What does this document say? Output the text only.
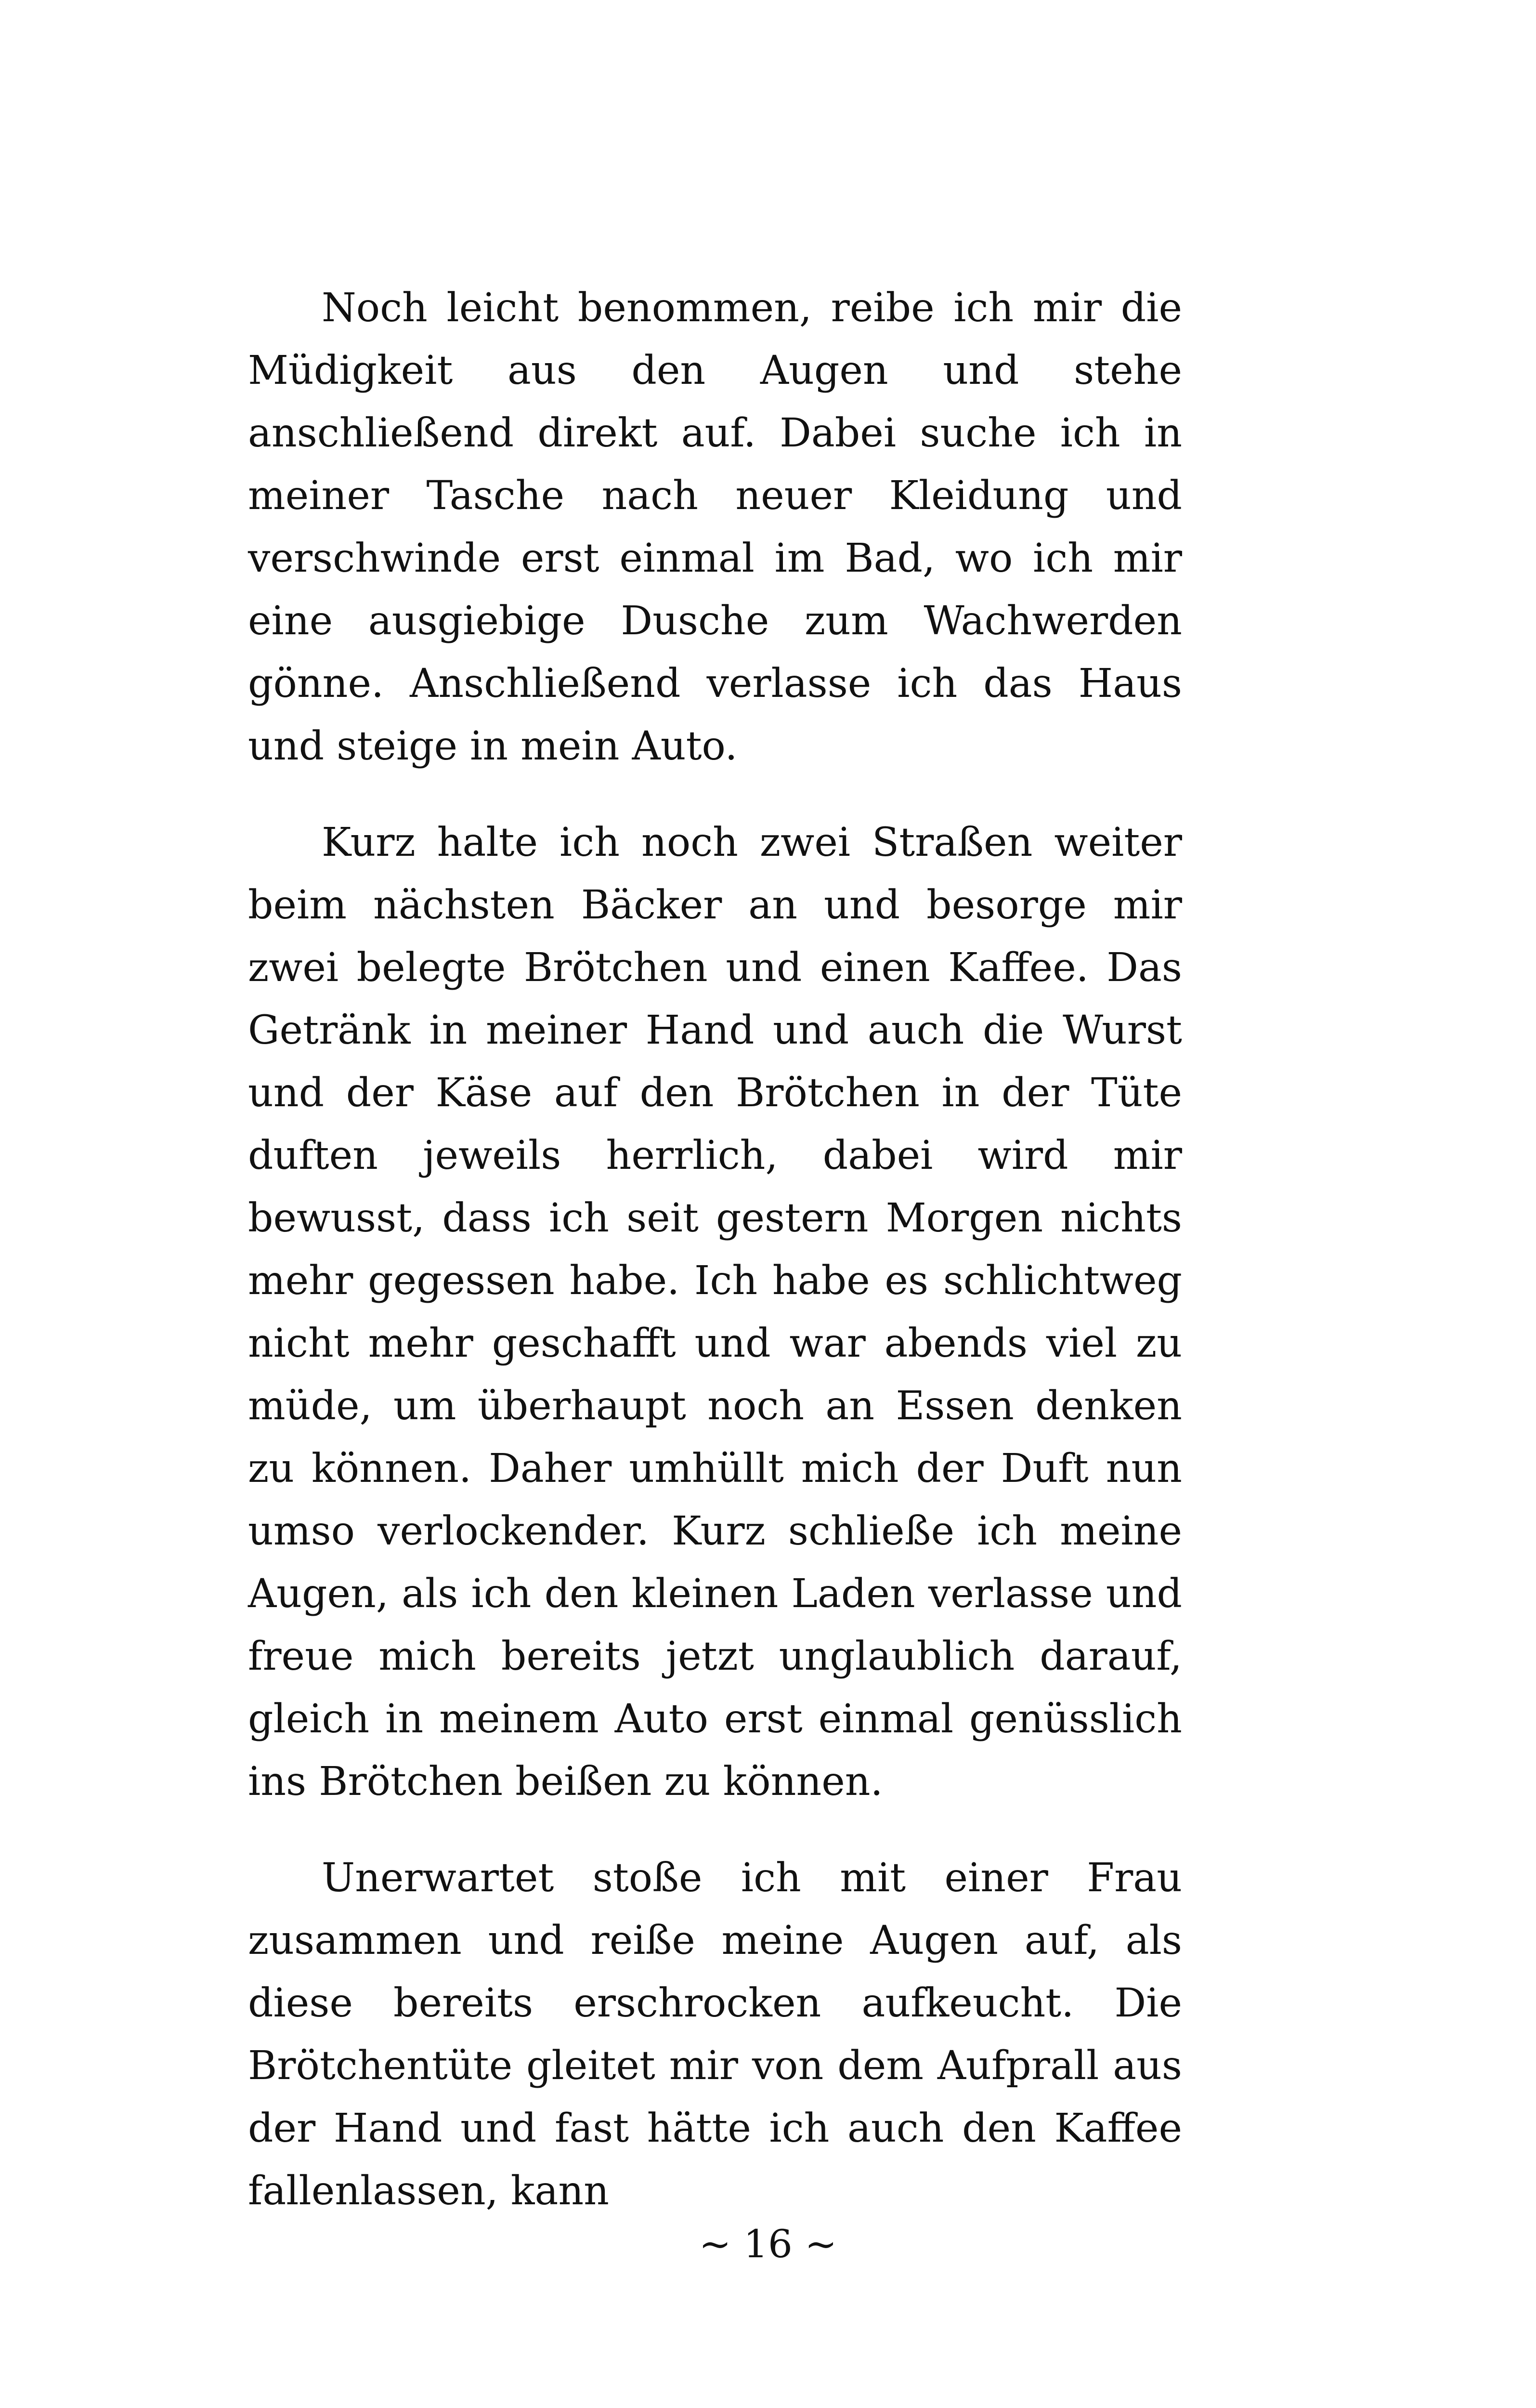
Noch leicht benommen, reibe ich mir die Müdigkeit aus den Augen und stehe anschließend direkt auf. Dabei suche ich in meiner Tasche nach neuer Kleidung und verschwinde erst einmal im Bad, wo ich mir eine ausgiebige Dusche zum Wachwerden gönne. Anschließend verlasse ich das Haus und steige in mein Auto.

Kurz halte ich noch zwei Straßen weiter beim nächsten Bäcker an und besorge mir zwei belegte Brötchen und einen Kaffee. Das Getränk in meiner Hand und auch die Wurst und der Käse auf den Brötchen in der Tüte duften jeweils herrlich, dabei wird mir bewusst, dass ich seit gestern Morgen nichts mehr gegessen habe. Ich habe es schlichtweg nicht mehr geschafft und war abends viel zu müde, um überhaupt noch an Essen denken zu können. Daher umhüllt mich der Duft nun umso verlockender. Kurz schließe ich meine Augen, als ich den kleinen Laden verlasse und freue mich bereits jetzt unglaublich darauf, gleich in meinem Auto erst einmal genüsslich ins Brötchen beißen zu können.

Unerwartet stoße ich mit einer Frau zusammen und reiße meine Augen auf, als diese bereits erschrocken aufkeucht. Die Brötchentüte gleitet mir von dem Aufprall aus der Hand und fast hätte ich auch den Kaffee fallenlassen, kann

~ 16 ~
